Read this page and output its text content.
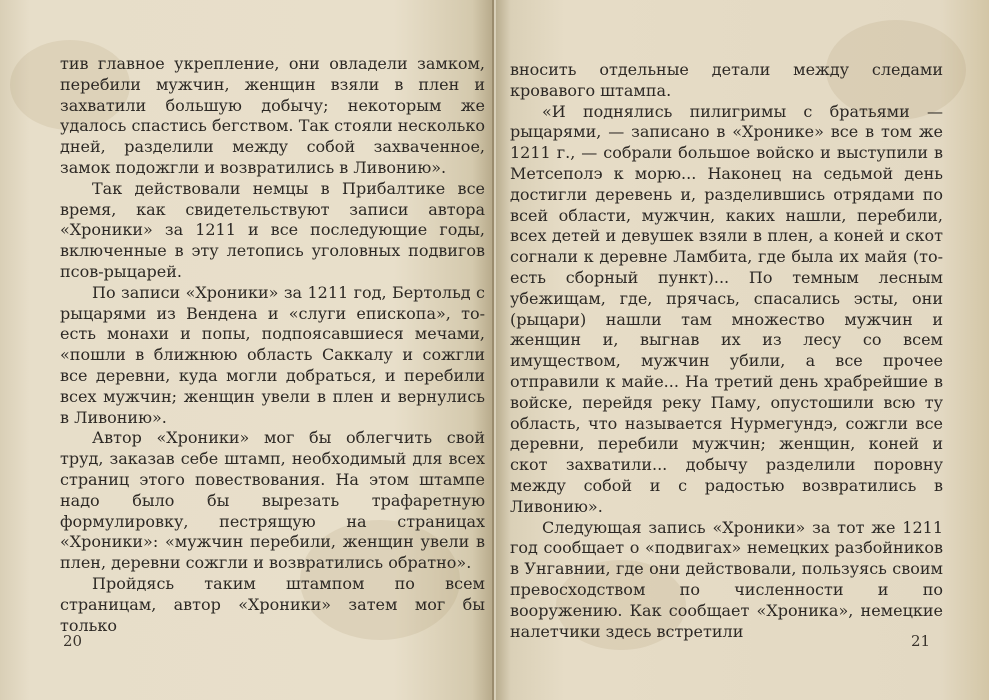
тив главное укрепление, они овладели замком, перебили мужчин, женщин взяли в плен и захватили большую добычу; некоторым же удалось спастись бегством. Так стояли несколько дней, разделили между собой захваченное, замок подожгли и возвратились в Ливонию».

Так действовали немцы в Прибалтике все время, как свидетельствуют записи автора «Хроники» за 1211 и все последующие годы, включенные в эту летопись уголовных подвигов псов-рыцарей.

По записи «Хроники» за 1211 год, Бертольд с рыцарями из Вендена и «слуги епископа», то-есть монахи и попы, подпоясавшиеся мечами, «пошли в ближнюю область Саккалу и сожгли все деревни, куда могли добраться, и перебили всех мужчин; женщин увели в плен и вернулись в Ливонию».

Автор «Хроники» мог бы облегчить свой труд, заказав себе штамп, необходимый для всех страниц этого повествования. На этом штампе надо было бы вырезать трафаретную формулировку, пестрящую на страницах «Хроники»: «мужчин перебили, женщин увели в плен, деревни сожгли и возвратились обратно».

Пройдясь таким штампом по всем страницам, автор «Хроники» затем мог бы только

20

вносить отдельные детали между следами кровавого штампа.

«И поднялись пилигримы с братьями — рыцарями, — записано в «Хронике» все в том же 1211 г., — собрали большое войско и выступили в Метсеполэ к морю... Наконец на седьмой день достигли деревень и, разделившись отрядами по всей области, мужчин, каких нашли, перебили, всех детей и девушек взяли в плен, а коней и скот согнали к деревне Ламбита, где была их майя (то-есть сборный пункт)... По темным лесным убежищам, где, прячась, спасались эсты, они (рыцари) нашли там множество мужчин и женщин и, выгнав их из лесу со всем имуществом, мужчин убили, а все прочее отправили к майе... На третий день храбрейшие в войске, перейдя реку Паму, опустошили всю ту область, что называется Нурмегундэ, сожгли все деревни, перебили мужчин; женщин, коней и скот захватили... добычу разделили поровну между собой и с радостью возвратились в Ливонию».

Следующая запись «Хроники» за тот же 1211 год сообщает о «подвигах» немецких разбойников в Унгавнии, где они действовали, пользуясь своим превосходством по численности и по вооружению. Как сообщает «Хроника», немецкие налетчики здесь встретили

21
